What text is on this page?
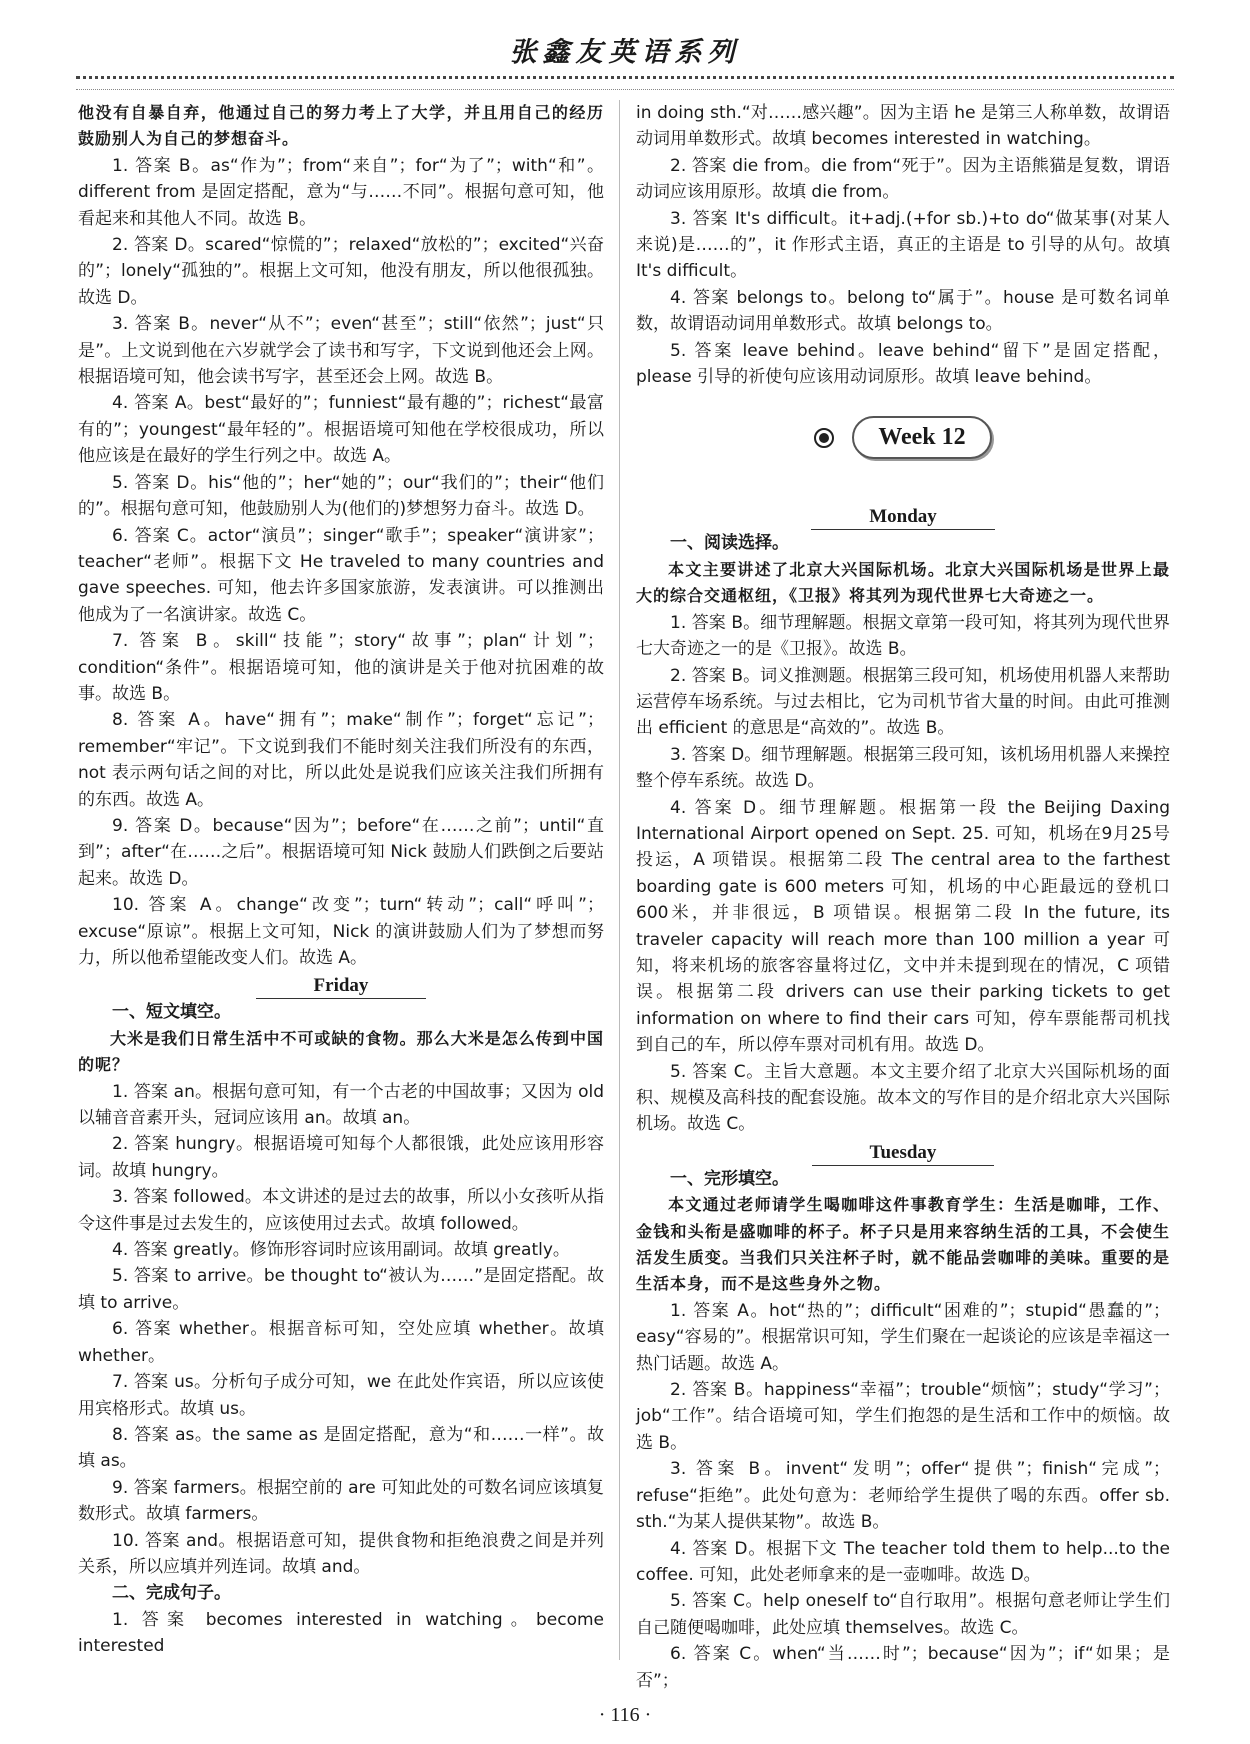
张鑫友英语系列

他没有自暴自弃，他通过自己的努力考上了大学，并且用自己的经历鼓励别人为自己的梦想奋斗。

1. 答案 B。as“作为”；from“来自”；for“为了”；with“和”。different from 是固定搭配，意为“与……不同”。根据句意可知，他看起来和其他人不同。故选 B。

2. 答案 D。scared“惊慌的”；relaxed“放松的”；excited“兴奋的”；lonely“孤独的”。根据上文可知，他没有朋友，所以他很孤独。故选 D。

3. 答案 B。never“从不”；even“甚至”；still“依然”；just“只是”。上文说到他在六岁就学会了读书和写字，下文说到他还会上网。根据语境可知，他会读书写字，甚至还会上网。故选 B。

4. 答案 A。best“最好的”；funniest“最有趣的”；richest“最富有的”；youngest“最年轻的”。根据语境可知他在学校很成功，所以他应该是在最好的学生行列之中。故选 A。

5. 答案 D。his“他的”；her“她的”；our“我们的”；their“他们的”。根据句意可知，他鼓励别人为(他们的)梦想努力奋斗。故选 D。

6. 答案 C。actor“演员”；singer“歌手”；speaker“演讲家”；teacher“老师”。根据下文 He traveled to many countries and gave speeches. 可知，他去许多国家旅游，发表演讲。可以推测出他成为了一名演讲家。故选 C。

7. 答案 B。skill“技能”；story“故事”；plan“计划”；condition“条件”。根据语境可知，他的演讲是关于他对抗困难的故事。故选 B。

8. 答案 A。have“拥有”；make“制作”；forget“忘记”；remember“牢记”。下文说到我们不能时刻关注我们所没有的东西，not 表示两句话之间的对比，所以此处是说我们应该关注我们所拥有的东西。故选 A。

9. 答案 D。because“因为”；before“在……之前”；until“直到”；after“在……之后”。根据语境可知 Nick 鼓励人们跌倒之后要站起来。故选 D。

10. 答案 A。change“改变”；turn“转动”；call“呼叫”；excuse“原谅”。根据上文可知，Nick 的演讲鼓励人们为了梦想而努力，所以他希望能改变人们。故选 A。

Friday

一、短文填空。

大米是我们日常生活中不可或缺的食物。那么大米是怎么传到中国的呢？

1. 答案 an。根据句意可知，有一个古老的中国故事；又因为 old 以辅音音素开头，冠词应该用 an。故填 an。

2. 答案 hungry。根据语境可知每个人都很饿，此处应该用形容词。故填 hungry。

3. 答案 followed。本文讲述的是过去的故事，所以小女孩听从指令这件事是过去发生的，应该使用过去式。故填 followed。

4. 答案 greatly。修饰形容词时应该用副词。故填 greatly。

5. 答案 to arrive。be thought to“被认为……”是固定搭配。故填 to arrive。

6. 答案 whether。根据音标可知，空处应填 whether。故填 whether。

7. 答案 us。分析句子成分可知，we 在此处作宾语，所以应该使用宾格形式。故填 us。

8. 答案 as。the same as 是固定搭配，意为“和……一样”。故填 as。

9. 答案 farmers。根据空前的 are 可知此处的可数名词应该填复数形式。故填 farmers。

10. 答案 and。根据语意可知，提供食物和拒绝浪费之间是并列关系，所以应填并列连词。故填 and。

二、完成句子。

1. 答案 becomes interested in watching。become interested

in doing sth.“对……感兴趣”。因为主语 he 是第三人称单数，故谓语动词用单数形式。故填 becomes interested in watching。

2. 答案 die from。die from“死于”。因为主语熊猫是复数，谓语动词应该用原形。故填 die from。

3. 答案 It's difficult。it+adj.(+for sb.)+to do“做某事(对某人来说)是……的”，it 作形式主语，真正的主语是 to 引导的从句。故填 It's difficult。

4. 答案 belongs to。belong to“属于”。house 是可数名词单数，故谓语动词用单数形式。故填 belongs to。

5. 答案 leave behind。leave behind“留下”是固定搭配，please 引导的祈使句应该用动词原形。故填 leave behind。

Week 12
Monday

一、阅读选择。

本文主要讲述了北京大兴国际机场。北京大兴国际机场是世界上最大的综合交通枢纽，《卫报》将其列为现代世界七大奇迹之一。

1. 答案 B。细节理解题。根据文章第一段可知，将其列为现代世界七大奇迹之一的是《卫报》。故选 B。

2. 答案 B。词义推测题。根据第三段可知，机场使用机器人来帮助运营停车场系统。与过去相比，它为司机节省大量的时间。由此可推测出 efficient 的意思是“高效的”。故选 B。

3. 答案 D。细节理解题。根据第三段可知，该机场用机器人来操控整个停车系统。故选 D。

4. 答案 D。细节理解题。根据第一段 the Beijing Daxing International Airport opened on Sept. 25. 可知，机场在9月25号投运，A 项错误。根据第二段 The central area to the farthest boarding gate is 600 meters 可知，机场的中心距最远的登机口600米，并非很远，B 项错误。根据第二段 In the future, its traveler capacity will reach more than 100 million a year 可知，将来机场的旅客容量将过亿，文中并未提到现在的情况，C 项错误。根据第二段 drivers can use their parking tickets to get information on where to find their cars 可知，停车票能帮司机找到自己的车，所以停车票对司机有用。故选 D。

5. 答案 C。主旨大意题。本文主要介绍了北京大兴国际机场的面积、规模及高科技的配套设施。故本文的写作目的是介绍北京大兴国际机场。故选 C。

Tuesday

一、完形填空。

本文通过老师请学生喝咖啡这件事教育学生：生活是咖啡，工作、金钱和头衔是盛咖啡的杯子。杯子只是用来容纳生活的工具，不会使生活发生质变。当我们只关注杯子时，就不能品尝咖啡的美味。重要的是生活本身，而不是这些身外之物。

1. 答案 A。hot“热的”；difficult“困难的”；stupid“愚蠢的”；easy“容易的”。根据常识可知，学生们聚在一起谈论的应该是幸福这一热门话题。故选 A。

2. 答案 B。happiness“幸福”；trouble“烦恼”；study“学习”；job“工作”。结合语境可知，学生们抱怨的是生活和工作中的烦恼。故选 B。

3. 答案 B。invent“发明”；offer“提供”；finish“完成”；refuse“拒绝”。此处句意为：老师给学生提供了喝的东西。offer sb. sth.“为某人提供某物”。故选 B。

4. 答案 D。根据下文 The teacher told them to help...to the coffee. 可知，此处老师拿来的是一壶咖啡。故选 D。

5. 答案 C。help oneself to“自行取用”。根据句意老师让学生们自己随便喝咖啡，此处应填 themselves。故选 C。

6. 答案 C。when“当……时”；because“因为”；if“如果；是否”；

· 116 ·
